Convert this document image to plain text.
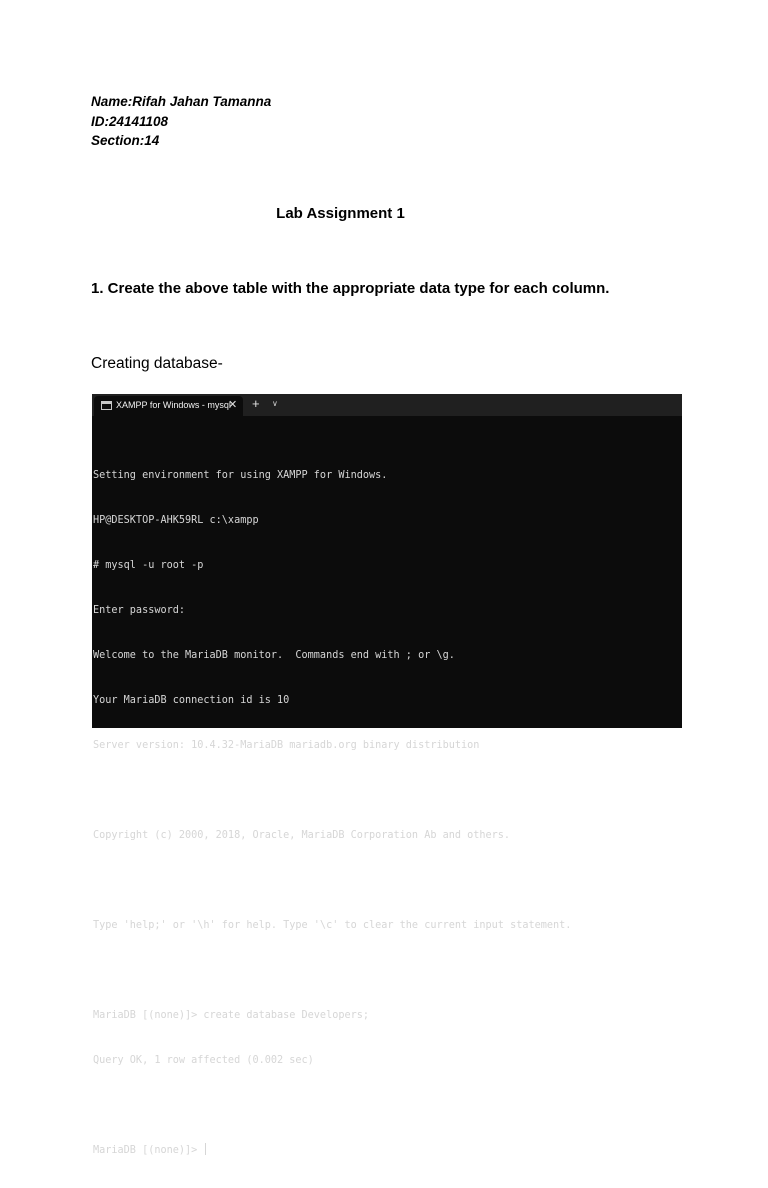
Name:Rifah Jahan Tamanna
ID:24141108
Section:14
Lab Assignment 1
1. Create the above table with the appropriate data type for each column.
Creating database-
XAMPP for Windows - mysql
✕ + ∨

Setting environment for using XAMPP for Windows.

HP@DESKTOP-AHK59RL c:\xampp

# mysql -u root -p

Enter password:

Welcome to the MariaDB monitor.  Commands end with ; or \g.

Your MariaDB connection id is 10

Server version: 10.4.32-MariaDB mariadb.org binary distribution

Copyright (c) 2000, 2018, Oracle, MariaDB Corporation Ab and others.

Type 'help;' or '\h' for help. Type '\c' to clear the current input statement.

MariaDB [(none)]> create database Developers;

Query OK, 1 row affected (0.002 sec)

MariaDB [(none)]>
